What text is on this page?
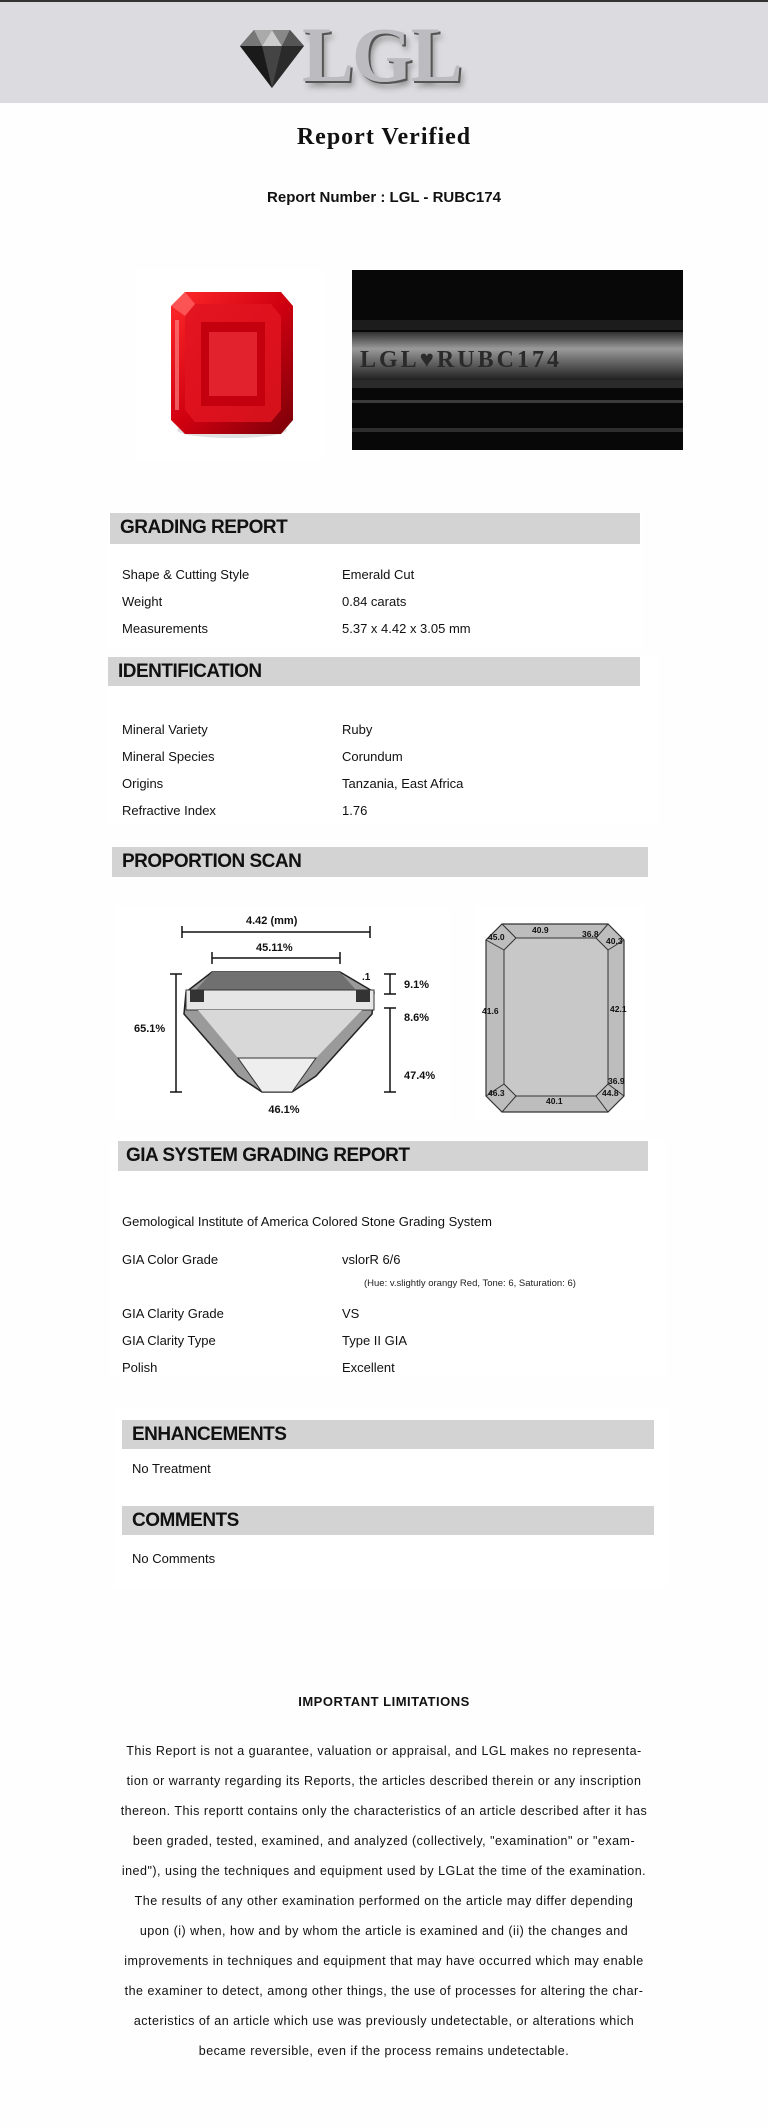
LGL
Report Verified
Report Number : LGL - RUBC174
LGL♥RUBC174
GRADING REPORT
Shape & Cutting Style	Emerald Cut
Weight	0.84 carats
Measurements	5.37 x 4.42 x 3.05 mm
IDENTIFICATION
Mineral Variety	Ruby
Mineral Species	Corundum
Origins	Tanzania, East Africa
Refractive Index	1.76
PROPORTION SCAN
4.42 (mm)
45.11%
65.1%
.1
9.1%
8.6%
47.4%
46.1%
45.0
40.9	36.8
40.3
41.6	42.1
46.3
40.1
36.9
44.8
GIA SYSTEM GRADING REPORT
Gemological Institute of America Colored Stone Grading System
GIA Color Grade	vslorR 6/6
(Hue: v.slightly orangy Red, Tone: 6, Saturation: 6)
GIA Clarity Grade	VS
GIA Clarity Type	Type II GIA
Polish	Excellent
ENHANCEMENTS
No Treatment
COMMENTS
No Comments
IMPORTANT LIMITATIONS
This Report is not a guarantee, valuation or appraisal, and LGL makes no representa-
tion or warranty regarding its Reports, the articles described therein or any inscription
thereon. This reportt contains only the characteristics of an article described after it has
been graded, tested, examined, and analyzed (collectively, "examination" or "exam-
ined"), using the techniques and equipment used by LGLat the time of the examination.
The results of any other examination performed on the article may differ depending
upon (i) when, how and by whom the article is examined and (ii) the changes and
improvements in techniques and equipment that may have occurred which may enable
the examiner to detect, among other things, the use of processes for altering the char-
acteristics of an article which use was previously undetectable, or alterations which
became reversible, even if the process remains undetectable.
